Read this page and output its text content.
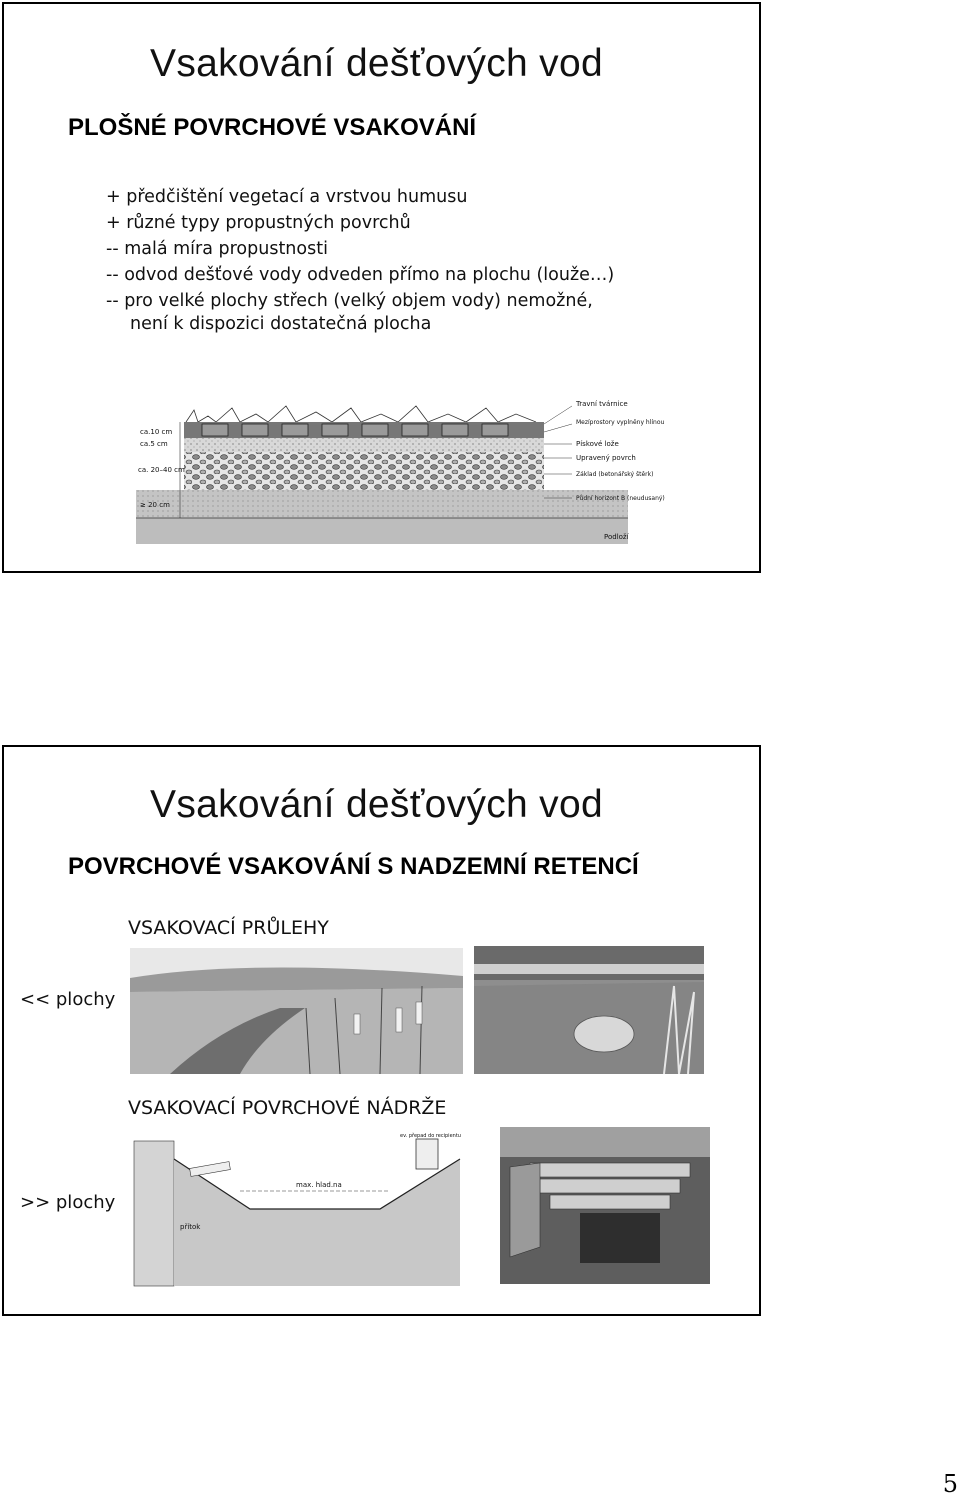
Vsakování dešťových vod
PLOŠNÉ POVRCHOVÉ VSAKOVÁNÍ
+ předčištění vegetací a vrstvou humusu
+ různé typy propustných povrchů
-- malá míra propustnosti
-- odvod dešťové vody odveden přímo na plochu (louže…)
-- pro velké plochy střech (velký objem vody) nemožné,
není k dispozici dostatečná plocha
ca.10 cm
ca.5 cm
ca. 20–40 cm
≥ 20 cm
Travní tvárnice
Mezíprostory vyplněny hlínou
Pískové lože
Upravený povrch
Základ (betonářský štěrk)
Půdní horizont B (neudusaný)
Podloží
Vsakování dešťových vod
POVRCHOVÉ VSAKOVÁNÍ S NADZEMNÍ RETENCÍ
VSAKOVACÍ PRŮLEHY
<< plochy
VSAKOVACÍ POVRCHOVÉ NÁDRŽE
>> plochy
max. hlad.na
přítok
ev. přepad do recipientu
5
